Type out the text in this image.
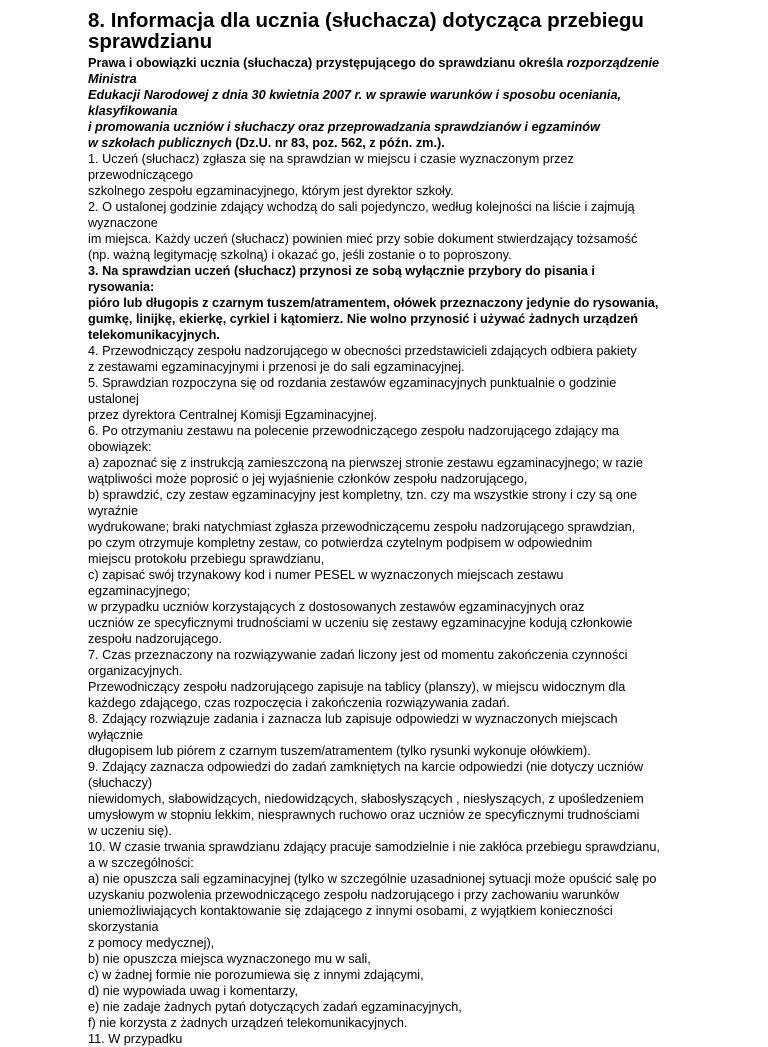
8. Informacja dla ucznia (słuchacza) dotycząca przebiegu
sprawdzianu
Prawa i obowiązki ucznia (słuchacza) przystępującego do sprawdzianu określa rozporządzenie
Ministra
Edukacji Narodowej z dnia 30 kwietnia 2007 r. w sprawie warunków i sposobu oceniania,
klasyfikowania
i promowania uczniów i słuchaczy oraz przeprowadzania sprawdzianów i egzaminów
w szkołach publicznych (Dz.U. nr 83, poz. 562, z późn. zm.).
1. Uczeń (słuchacz) zgłasza się na sprawdzian w miejscu i czasie wyznaczonym przez
przewodniczącego
szkolnego zespołu egzaminacyjnego, którym jest dyrektor szkoły.
2. O ustalonej godzinie zdający wchodzą do sali pojedynczo, według kolejności na liście i zajmują
wyznaczone
im miejsca. Każdy uczeń (słuchacz) powinien mieć przy sobie dokument stwierdzający tożsamość
(np. ważną legitymację szkolną) i okazać go, jeśli zostanie o to poproszony.
3. Na sprawdzian uczeń (słuchacz) przynosi ze sobą wyłącznie przybory do pisania i
rysowania:
pióro lub długopis z czarnym tuszem/atramentem, ołówek przeznaczony jedynie do rysowania,
gumkę, linijkę, ekierkę, cyrkiel i kątomierz. Nie wolno przynosić i używać żadnych urządzeń
telekomunikacyjnych.
4. Przewodniczący zespołu nadzorującego w obecności przedstawicieli zdających odbiera pakiety
z zestawami egzaminacyjnymi i przenosi je do sali egzaminacyjnej.
5. Sprawdzian rozpoczyna się od rozdania zestawów egzaminacyjnych punktualnie o godzinie
ustalonej
przez dyrektora Centralnej Komisji Egzaminacyjnej.
6. Po otrzymaniu zestawu na polecenie przewodniczącego zespołu nadzorującego zdający ma
obowiązek:
a) zapoznać się z instrukcją zamieszczoną na pierwszej stronie zestawu egzaminacyjnego; w razie
wątpliwości może poprosić o jej wyjaśnienie członków zespołu nadzorującego,
b) sprawdzić, czy zestaw egzaminacyjny jest kompletny, tzn. czy ma wszystkie strony i czy są one
wyraźnie
wydrukowane; braki natychmiast zgłasza przewodniczącemu zespołu nadzorującego sprawdzian,
po czym otrzymuje kompletny zestaw, co potwierdza czytelnym podpisem w odpowiednim
miejscu protokołu przebiegu sprawdzianu,
c) zapisać swój trzynakowy kod i numer PESEL w wyznaczonych miejscach zestawu
egzaminacyjnego;
w przypadku uczniów korzystających z dostosowanych zestawów egzaminacyjnych oraz
uczniów ze specyficznymi trudnościami w uczeniu się zestawy egzaminacyjne kodują członkowie
zespołu nadzorującego.
7. Czas przeznaczony na rozwiązywanie zadań liczony jest od momentu zakończenia czynności
organizacyjnych.
Przewodniczący zespołu nadzorującego zapisuje na tablicy (planszy), w miejscu widocznym dla
każdego zdającego, czas rozpoczęcia i zakończenia rozwiązywania zadań.
8. Zdający rozwiązuje zadania i zaznacza lub zapisuje odpowiedzi w wyznaczonych miejscach
wyłącznie
długopisem lub piórem z czarnym tuszem/atramentem (tylko rysunki wykonuje ołówkiem).
9. Zdający zaznacza odpowiedzi do zadań zamkniętych na karcie odpowiedzi (nie dotyczy uczniów
(słuchaczy)
niewidomych, słabowidzących, niedowidzących, słabosłyszących , niesłyszących, z upośledzeniem
umysłowym w stopniu lekkim, niesprawnych ruchowo oraz uczniów ze specyficznymi trudnościami
w uczeniu się).
10. W czasie trwania sprawdzianu zdający pracuje samodzielnie i nie zakłóca przebiegu sprawdzianu,
a w szczególności:
a) nie opuszcza sali egzaminacyjnej (tylko w szczególnie uzasadnionej sytuacji może opuścić salę po
uzyskaniu pozwolenia przewodniczącego zespołu nadzorującego i przy zachowaniu warunków
uniemożliwiających kontaktowanie się zdającego z innymi osobami, z wyjątkiem konieczności
skorzystania
z pomocy medycznej),
b) nie opuszcza miejsca wyznaczonego mu w sali,
c) w żadnej formie nie porozumiewa się z innymi zdającymi,
d) nie wypowiada uwag i komentarzy,
e) nie zadaje żadnych pytań dotyczących zadań egzaminacyjnych,
f) nie korzysta z żadnych urządzeń telekomunikacyjnych.
11. W przypadku
